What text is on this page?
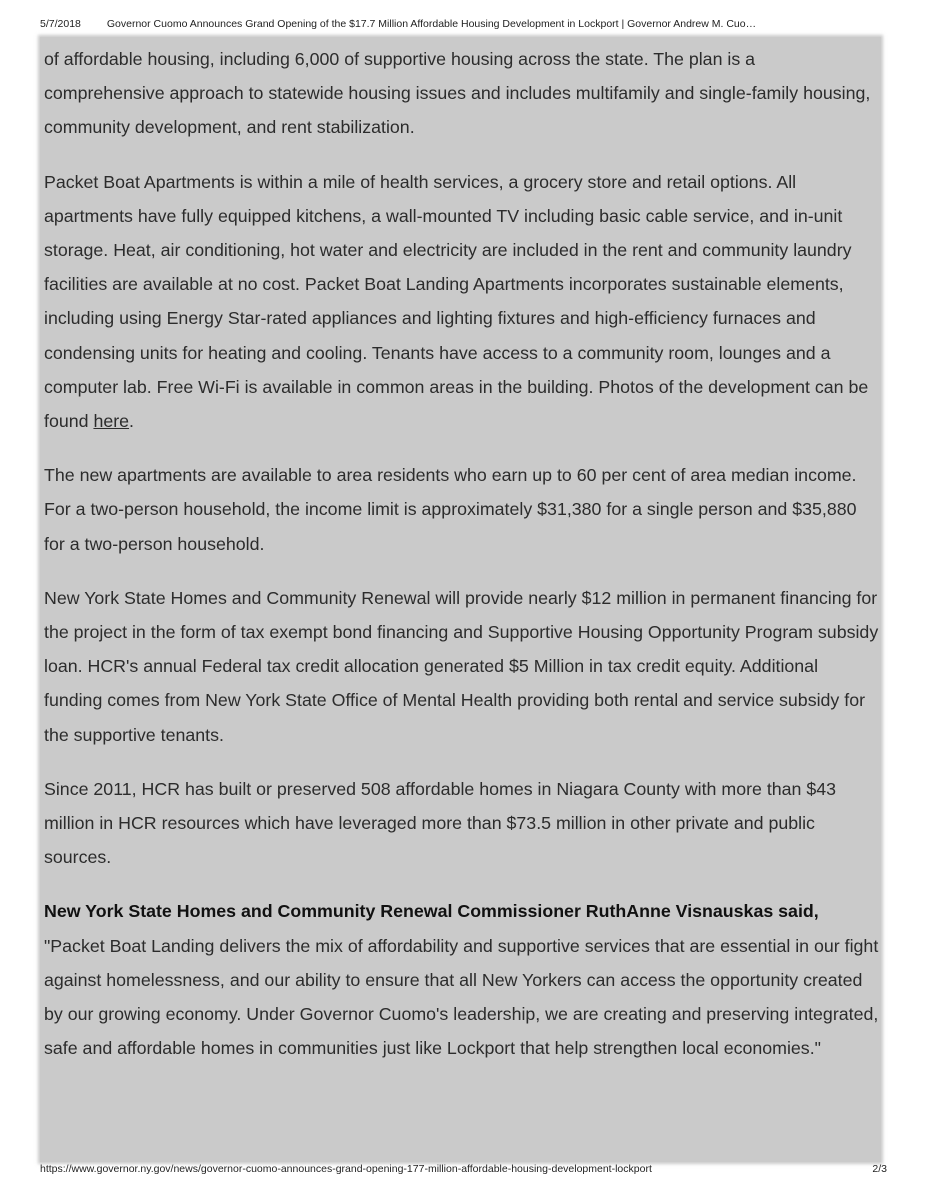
5/7/2018 Governor Cuomo Announces Grand Opening of the $17.7 Million Affordable Housing Development in Lockport | Governor Andrew M. Cuo…

of affordable housing, including 6,000 of supportive housing across the state. The plan is a comprehensive approach to statewide housing issues and includes multifamily and single-family housing, community development, and rent stabilization.

Packet Boat Apartments is within a mile of health services, a grocery store and retail options. All apartments have fully equipped kitchens, a wall-mounted TV including basic cable service, and in-unit storage. Heat, air conditioning, hot water and electricity are included in the rent and community laundry facilities are available at no cost. Packet Boat Landing Apartments incorporates sustainable elements, including using Energy Star-rated appliances and lighting fixtures and high-efficiency furnaces and condensing units for heating and cooling. Tenants have access to a community room, lounges and a computer lab. Free Wi-Fi is available in common areas in the building. Photos of the development can be found here.

The new apartments are available to area residents who earn up to 60 per cent of area median income. For a two-person household, the income limit is approximately $31,380 for a single person and $35,880 for a two-person household.

New York State Homes and Community Renewal will provide nearly $12 million in permanent financing for the project in the form of tax exempt bond financing and Supportive Housing Opportunity Program subsidy loan. HCR's annual Federal tax credit allocation generated $5 Million in tax credit equity. Additional funding comes from New York State Office of Mental Health providing both rental and service subsidy for the supportive tenants.

Since 2011, HCR has built or preserved 508 affordable homes in Niagara County with more than $43 million in HCR resources which have leveraged more than $73.5 million in other private and public sources.

New York State Homes and Community Renewal Commissioner RuthAnne Visnauskas said,
"Packet Boat Landing delivers the mix of affordability and supportive services that are essential in our fight against homelessness, and our ability to ensure that all New Yorkers can access the opportunity created by our growing economy. Under Governor Cuomo's leadership, we are creating and preserving integrated, safe and affordable homes in communities just like Lockport that help strengthen local economies."

https://www.governor.ny.gov/news/governor-cuomo-announces-grand-opening-177-million-affordable-housing-development-lockport	2/3
